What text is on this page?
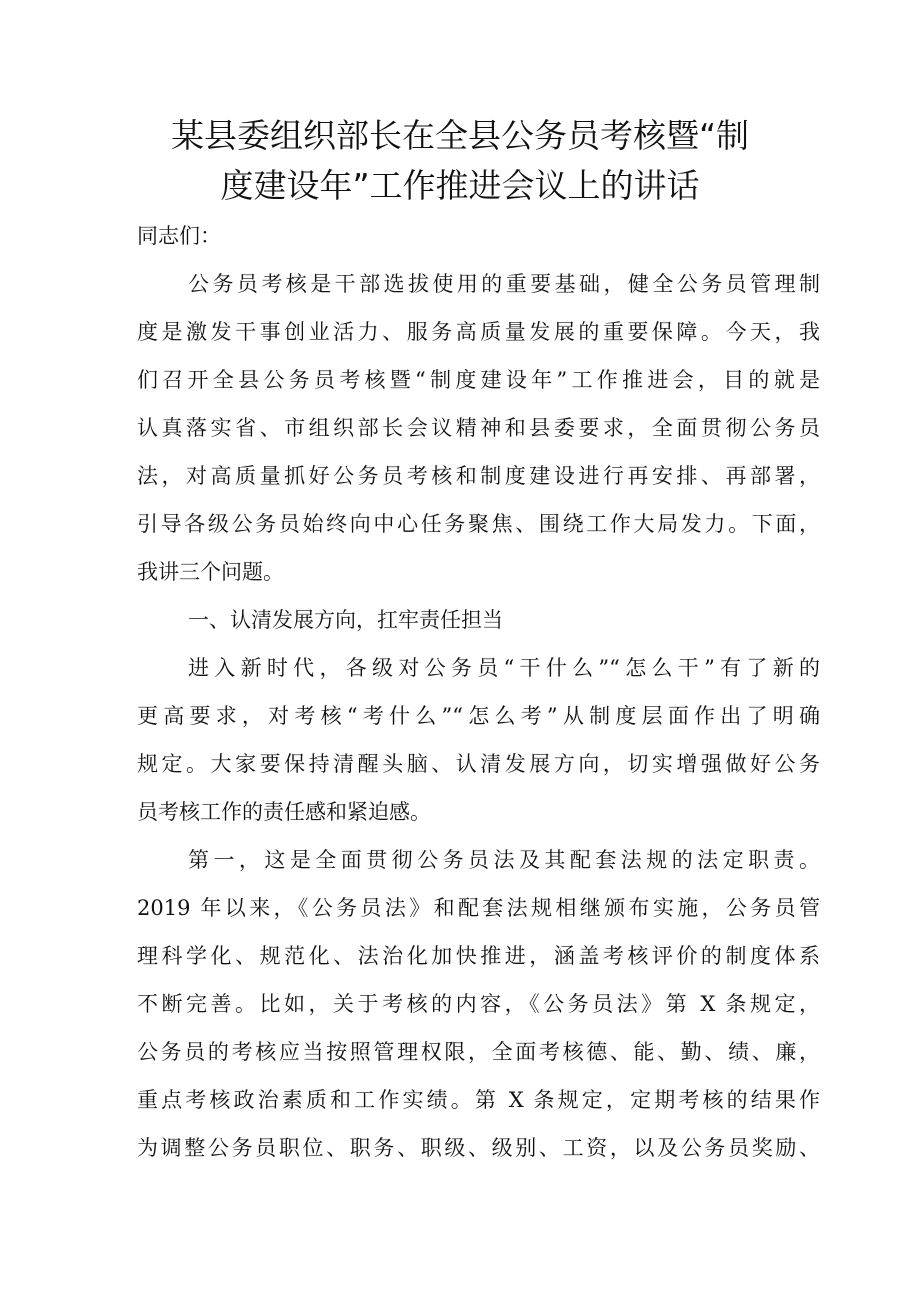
某县委组织部长在全县公务员考核暨“制
度建设年”工作推进会议上的讲话
同志们：
公务员考核是干部选拔使用的重要基础，健全公务员管理制
度是激发干事创业活力、服务高质量发展的重要保障。今天，我
们召开全县公务员考核暨“制度建设年”工作推进会，目的就是
认真落实省、市组织部长会议精神和县委要求，全面贯彻公务员
法，对高质量抓好公务员考核和制度建设进行再安排、再部署，
引导各级公务员始终向中心任务聚焦、围绕工作大局发力。下面，
我讲三个问题。
一、认清发展方向，扛牢责任担当
进入新时代，各级对公务员“干什么”“怎么干”有了新的
更高要求，对考核“考什么”“怎么考”从制度层面作出了明确
规定。大家要保持清醒头脑、认清发展方向，切实增强做好公务
员考核工作的责任感和紧迫感。
第一，这是全面贯彻公务员法及其配套法规的法定职责。
2019 年以来，《公务员法》和配套法规相继颁布实施，公务员管
理科学化、规范化、法治化加快推进，涵盖考核评价的制度体系
不断完善。比如，关于考核的内容，《公务员法》第 X 条规定，
公务员的考核应当按照管理权限，全面考核德、能、勤、绩、廉，
重点考核政治素质和工作实绩。第 X 条规定，定期考核的结果作
为调整公务员职位、职务、职级、级别、工资，以及公务员奖励、
